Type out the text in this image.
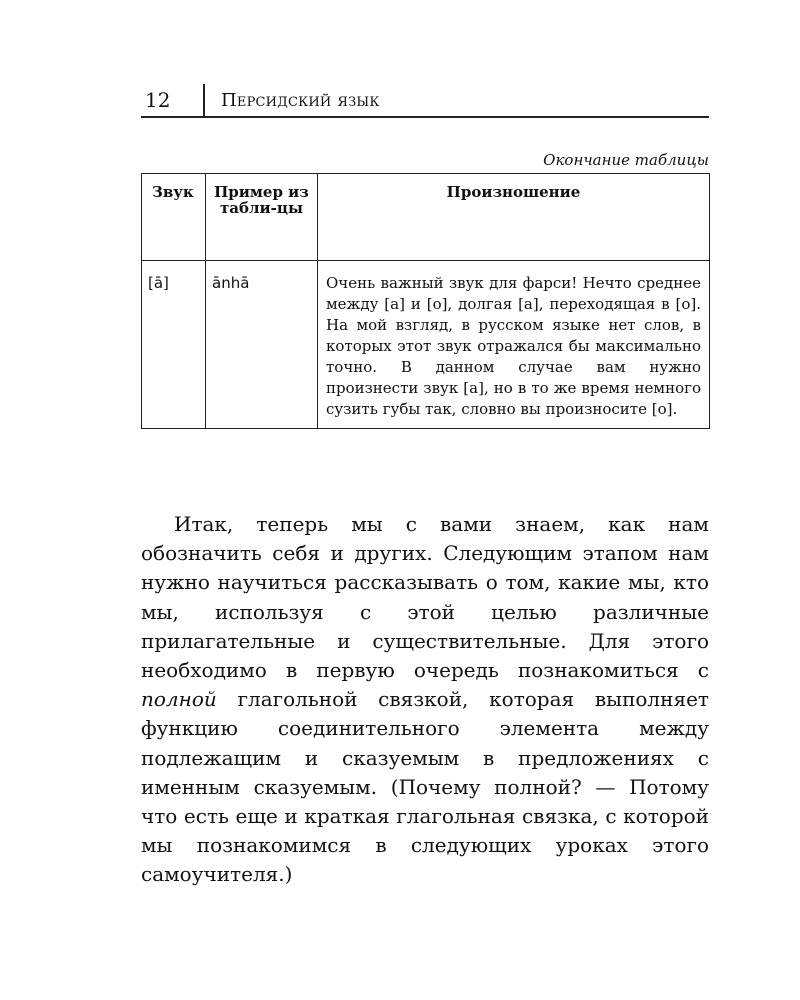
12	Персидский язык
Окончание таблицы
Звук	Пример из табли-цы	Произношение
[ā]	ānhā	Очень важный звук для фарси! Нечто среднее между [а] и [о], долгая [а], переходящая в [о]. На мой взгляд, в русском языке нет слов, в которых этот звук отражался бы максимально точно. В данном случае вам нужно произнести звук [а], но в то же время немного сузить губы так, словно вы произносите [о].

Итак, теперь мы с вами знаем, как нам обозначить себя и других. Следующим этапом нам нужно научиться рассказывать о том, какие мы, кто мы, используя с этой целью различные прилагательные и существительные. Для этого необходимо в первую очередь познакомиться с полной глагольной связкой, которая выполняет функцию соединительного элемента между подлежащим и сказуемым в предложениях с именным сказуемым. (Почему полной? — Потому что есть еще и краткая глагольная связка, с которой мы познакомимся в следующих уроках этого самоучителя.)
